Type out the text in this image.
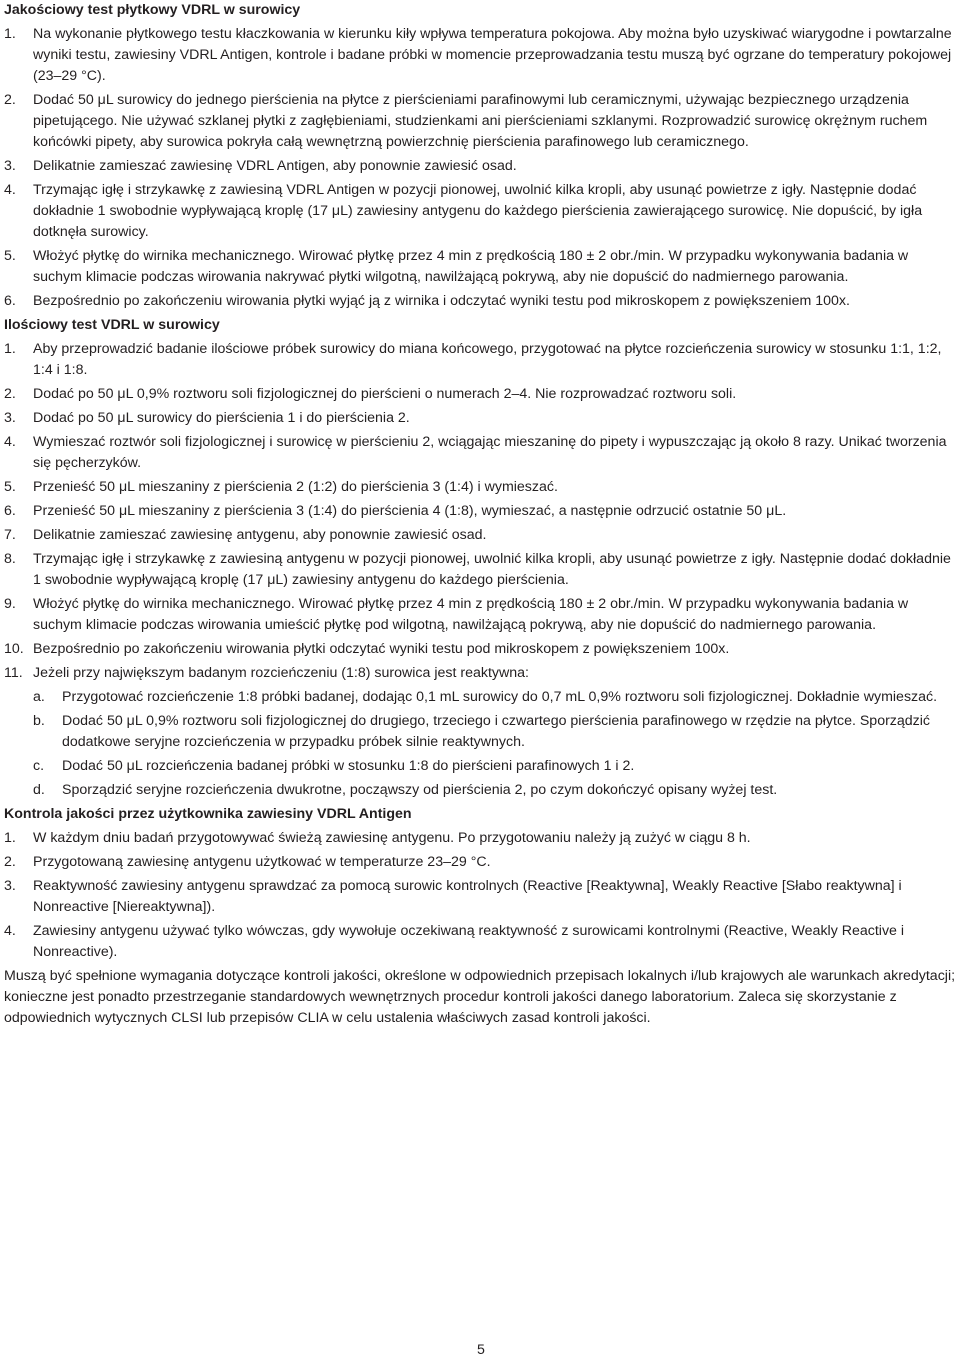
Jakościowy test płytkowy VDRL w surowicy
1. Na wykonanie płytkowego testu kłaczkowania w kierunku kiły wpływa temperatura pokojowa. Aby można było uzyskiwać wiarygodne i powtarzalne wyniki testu, zawiesiny VDRL Antigen, kontrole i badane próbki w momencie przeprowadzania testu muszą być ogrzane do temperatury pokojowej (23–29 °C).
2. Dodać 50 μL surowicy do jednego pierścienia na płytce z pierścieniami parafinowymi lub ceramicznymi, używając bezpiecznego urządzenia pipetującego. Nie używać szklanej płytki z zagłębieniami, studzienkami ani pierścieniami szklanymi. Rozprowadzić surowicę okrężnym ruchem końcówki pipety, aby surowica pokryła całą wewnętrzną powierzchnię pierścienia parafinowego lub ceramicznego.
3. Delikatnie zamieszać zawiesinę VDRL Antigen, aby ponownie zawiesić osad.
4. Trzymając igłę i strzykawkę z zawiesiną VDRL Antigen w pozycji pionowej, uwolnić kilka kropli, aby usunąć powietrze z igły. Następnie dodać dokładnie 1 swobodnie wypływającą kroplę (17 μL) zawiesiny antygenu do każdego pierścienia zawierającego surowicę. Nie dopuścić, by igła dotknęła surowicy.
5. Włożyć płytkę do wirnika mechanicznego. Wirować płytkę przez 4 min z prędkością 180 ± 2 obr./min. W przypadku wykonywania badania w suchym klimacie podczas wirowania nakrywać płytki wilgotną, nawilżającą pokrywą, aby nie dopuścić do nadmiernego parowania.
6. Bezpośrednio po zakończeniu wirowania płytki wyjąć ją z wirnika i odczytać wyniki testu pod mikroskopem z powiększeniem 100x.
Ilościowy test VDRL w surowicy
1. Aby przeprowadzić badanie ilościowe próbek surowicy do miana końcowego, przygotować na płytce rozcieńczenia surowicy w stosunku 1:1, 1:2, 1:4 i 1:8.
2. Dodać po 50 μL 0,9% roztworu soli fizjologicznej do pierścieni o numerach 2–4. Nie rozprowadzać roztworu soli.
3. Dodać po 50 μL surowicy do pierścienia 1 i do pierścienia 2.
4. Wymieszać roztwór soli fizjologicznej i surowicę w pierścieniu 2, wciągając mieszaninę do pipety i wypuszczając ją około 8 razy. Unikać tworzenia się pęcherzyków.
5. Przenieść 50 μL mieszaniny z pierścienia 2 (1:2) do pierścienia 3 (1:4) i wymieszać.
6. Przenieść 50 μL mieszaniny z pierścienia 3 (1:4) do pierścienia 4 (1:8), wymieszać, a następnie odrzucić ostatnie 50 μL.
7. Delikatnie zamieszać zawiesinę antygenu, aby ponownie zawiesić osad.
8. Trzymając igłę i strzykawkę z zawiesiną antygenu w pozycji pionowej, uwolnić kilka kropli, aby usunąć powietrze z igły. Następnie dodać dokładnie 1 swobodnie wypływającą kroplę (17 μL) zawiesiny antygenu do każdego pierścienia.
9. Włożyć płytkę do wirnika mechanicznego. Wirować płytkę przez 4 min z prędkością 180 ± 2 obr./min. W przypadku wykonywania badania w suchym klimacie podczas wirowania umieścić płytkę pod wilgotną, nawilżającą pokrywą, aby nie dopuścić do nadmiernego parowania.
10. Bezpośrednio po zakończeniu wirowania płytki odczytać wyniki testu pod mikroskopem z powiększeniem 100x.
11. Jeżeli przy największym badanym rozcieńczeniu (1:8) surowica jest reaktywna:
a. Przygotować rozcieńczenie 1:8 próbki badanej, dodając 0,1 mL surowicy do 0,7 mL 0,9% roztworu soli fizjologicznej. Dokładnie wymieszać.
b. Dodać 50 μL 0,9% roztworu soli fizjologicznej do drugiego, trzeciego i czwartego pierścienia parafinowego w rzędzie na płytce. Sporządzić dodatkowe seryjne rozcieńczenia w przypadku próbek silnie reaktywnych.
c. Dodać 50 μL rozcieńczenia badanej próbki w stosunku 1:8 do pierścieni parafinowych 1 i 2.
d. Sporządzić seryjne rozcieńczenia dwukrotne, począwszy od pierścienia 2, po czym dokończyć opisany wyżej test.
Kontrola jakości przez użytkownika zawiesiny VDRL Antigen
1. W każdym dniu badań przygotowywać świeżą zawiesinę antygenu. Po przygotowaniu należy ją zużyć w ciągu 8 h.
2. Przygotowaną zawiesinę antygenu użytkować w temperaturze 23–29 °C.
3. Reaktywność zawiesiny antygenu sprawdzać za pomocą surowic kontrolnych (Reactive [Reaktywna], Weakly Reactive [Słabo reaktywna] i Nonreactive [Niereaktywna]).
4. Zawiesiny antygenu używać tylko wówczas, gdy wywołuje oczekiwaną reaktywność z surowicami kontrolnymi (Reactive, Weakly Reactive i Nonreactive).

Muszą być spełnione wymagania dotyczące kontroli jakości, określone w odpowiednich przepisach lokalnych i/lub krajowych ale warunkach akredytacji; konieczne jest ponadto przestrzeganie standardowych wewnętrznych procedur kontroli jakości danego laboratorium. Zaleca się skorzystanie z odpowiednich wytycznych CLSI lub przepisów CLIA w celu ustalenia właściwych zasad kontroli jakości.

5
